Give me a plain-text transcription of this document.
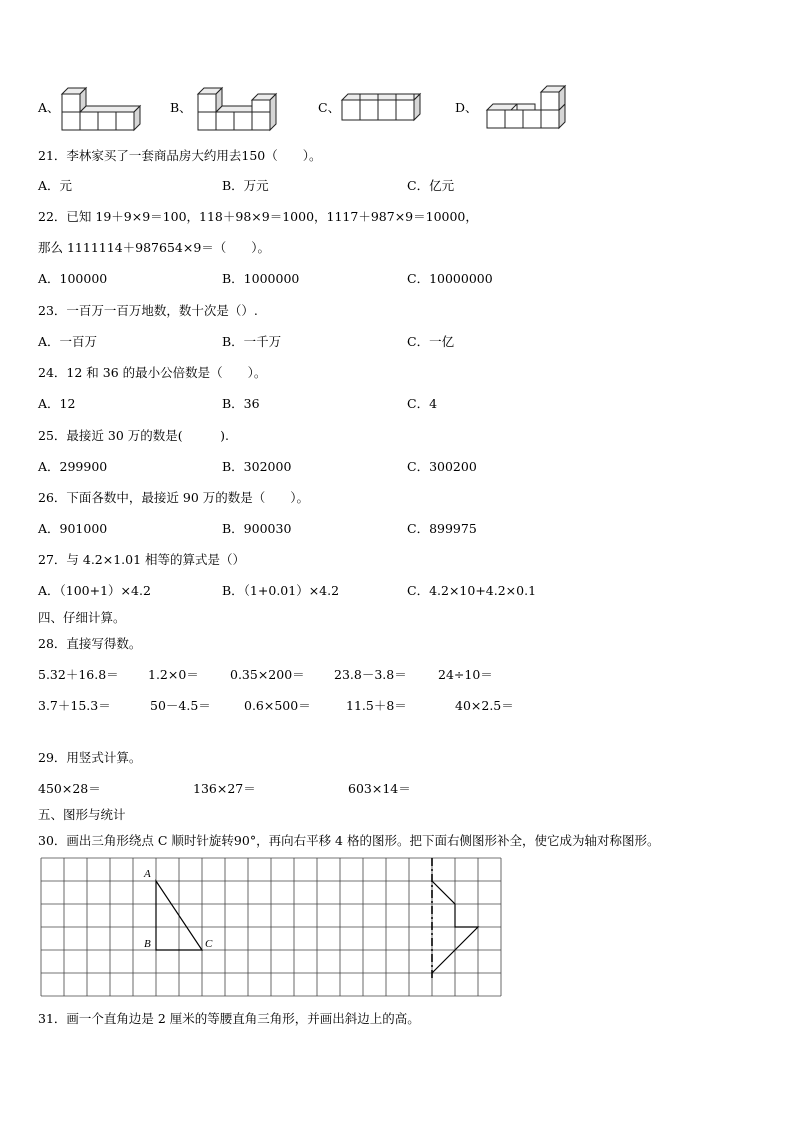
A、	B、	C、	D、
21．李林家买了一套商品房大约用去150（　　）。
A．元	B．万元	C．亿元
22．已知 19＋9×9＝100，118＋98×9＝1000，1117＋987×9＝10000，
那么 1111114＋987654×9＝（　　）。
A．100000	B．1000000	C．10000000
23．一百万一百万地数，数十次是（）.
A．一百万	B．一千万	C．一亿
24．12 和 36 的最小公倍数是（　　）。
A．12	B．36	C．4
25．最接近 30 万的数是(　　　).
A．299900	B．302000	C．300200
26．下面各数中，最接近 90 万的数是（　　）。
A．901000	B．900030	C．899975
27．与 4.2×1.01 相等的算式是（）
A．（100+1）×4.2	B．（1+0.01）×4.2	C．4.2×10+4.2×0.1
四、仔细计算。
28．直接写得数。
5.32＋16.8＝ 1.2×0＝ 0.35×200＝ 23.8－3.8＝	24÷10＝
3.7＋15.3＝	50－4.5＝	0.6×500＝	11.5＋8＝	40×2.5＝
29．用竖式计算。
450×28＝	136×27＝	603×14＝
五、图形与统计
30．画出三角形绕点 C 顺时针旋转90°，再向右平移 4 格的图形。把下面右侧图形补全，使它成为轴对称图形。
A
B	C
31．画一个直角边是 2 厘米的等腰直角三角形，并画出斜边上的高。
